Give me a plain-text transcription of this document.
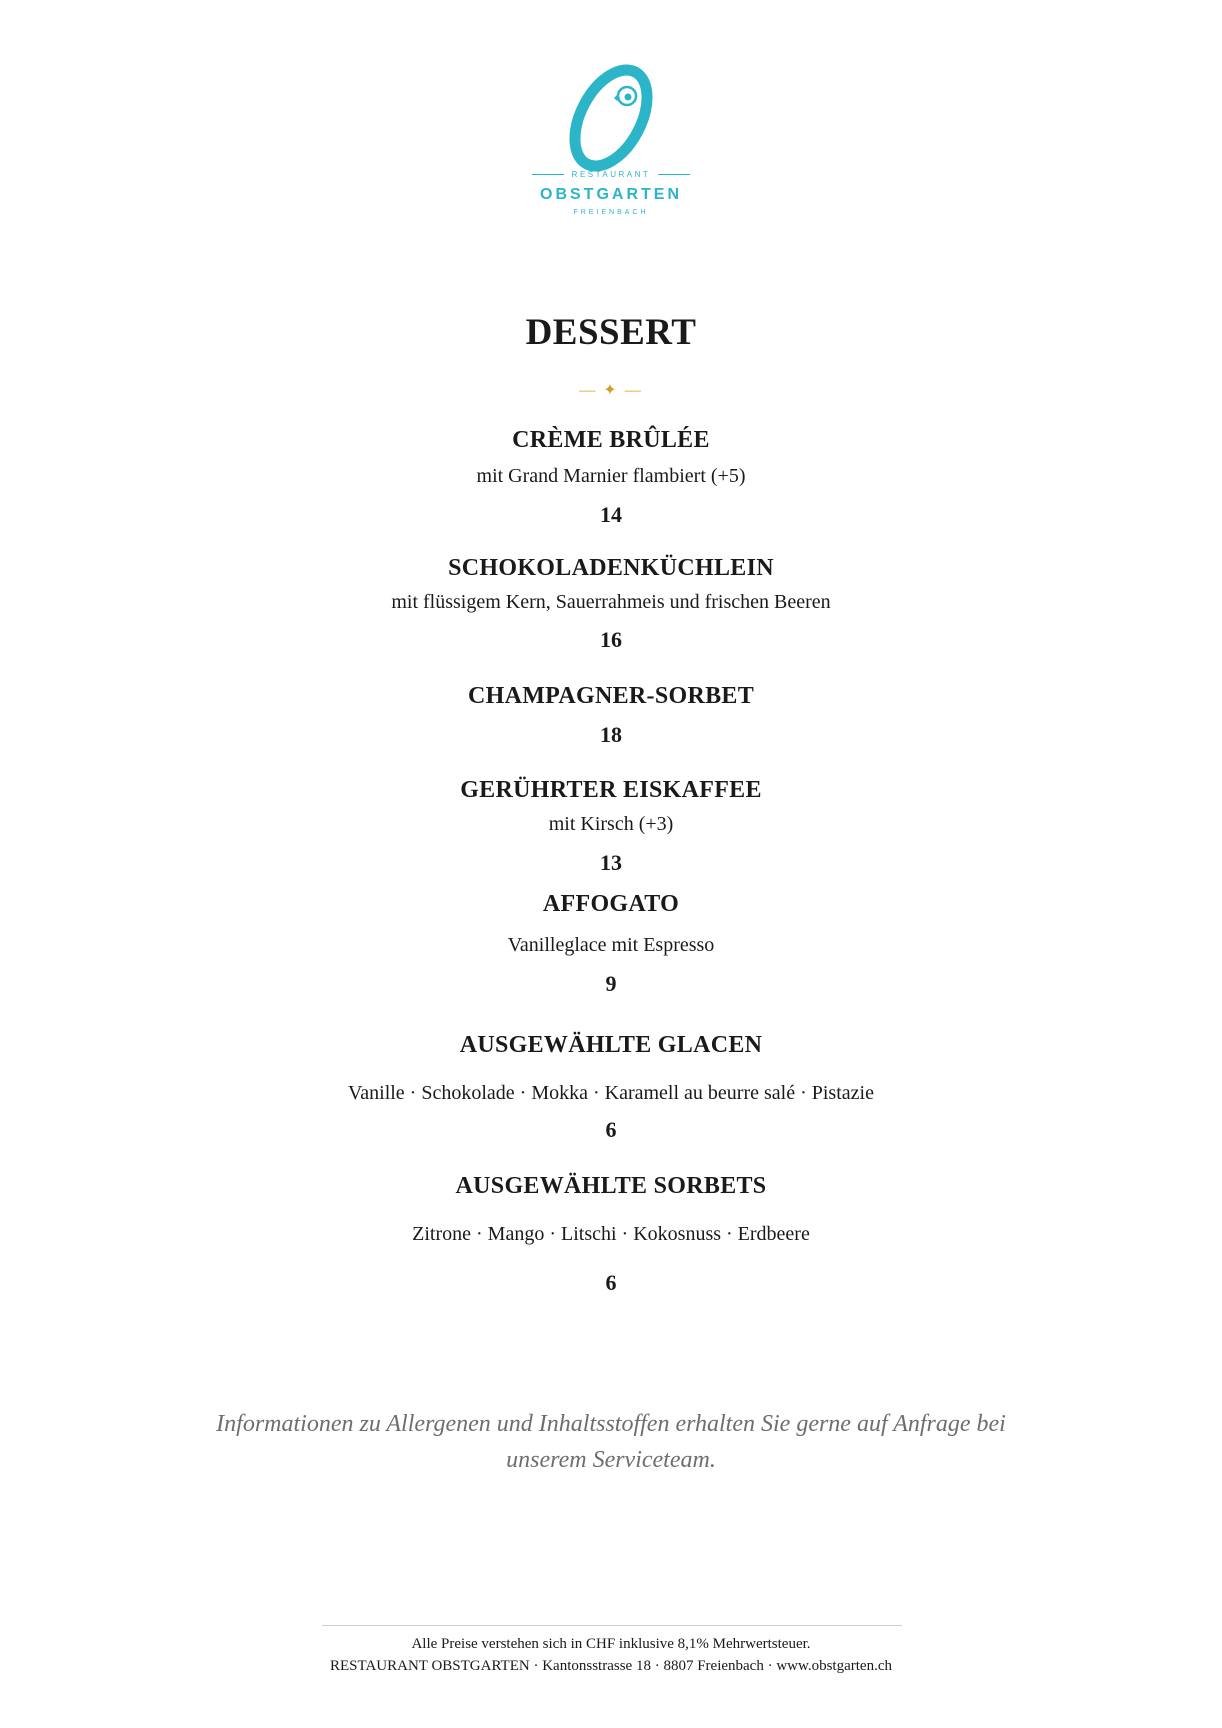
RESTAURANT
OBSTGARTEN
FREIENBACH
DESSERT
— ✦ —
CRÈME BRÛLÉE
mit Grand Marnier flambiert (+5)
14
SCHOKOLADENKÜCHLEIN
mit flüssigem Kern, Sauerrahmeis und frischen Beeren
16
CHAMPAGNER-SORBET
18
GERÜHRTER EISKAFFEE
mit Kirsch (+3)
13
AFFOGATO
Vanilleglace mit Espresso
9
AUSGEWÄHLTE GLACEN
Vanille · Schokolade · Mokka · Karamell au beurre salé · Pistazie
6
AUSGEWÄHLTE SORBETS
Zitrone · Mango · Litschi · Kokosnuss · Erdbeere
6
Informationen zu Allergenen und Inhaltsstoffen erhalten Sie gerne auf Anfrage bei
unserem Serviceteam.
Alle Preise verstehen sich in CHF inklusive 8,1% Mehrwertsteuer.
RESTAURANT OBSTGARTEN · Kantonsstrasse 18 · 8807 Freienbach · www.obstgarten.ch
